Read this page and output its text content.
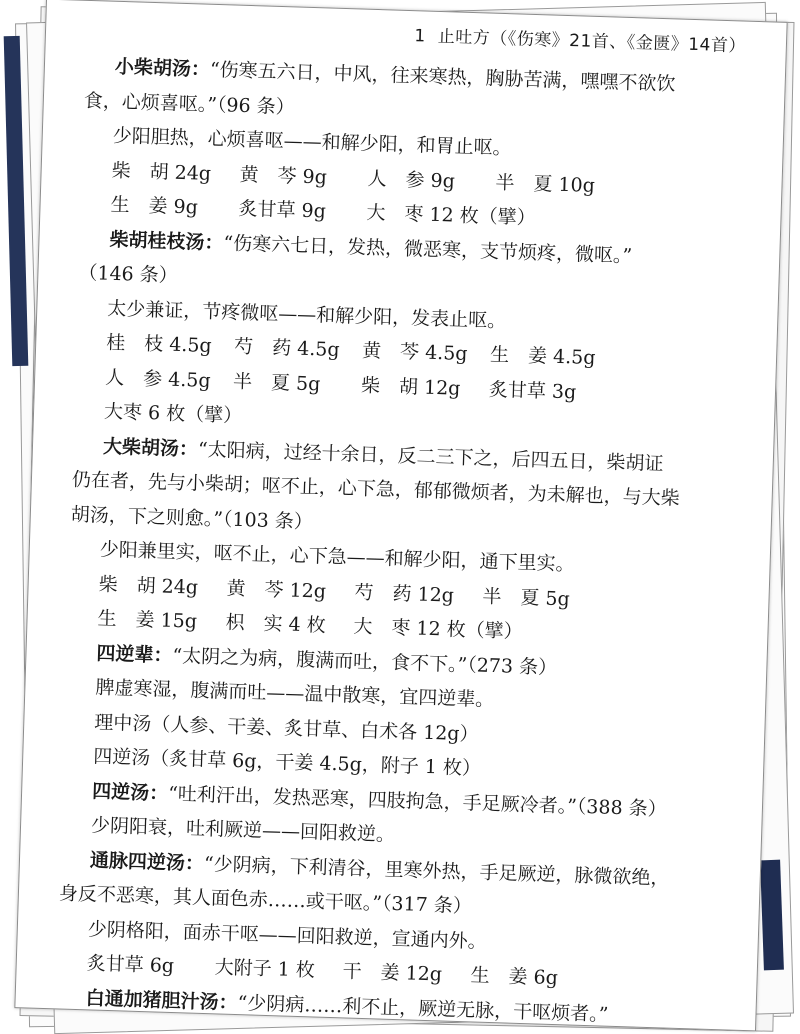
1 止吐方（《伤寒》21首、《金匮》14首）
小柴胡汤：“伤寒五六日，中风，往来寒热，胸胁苦满，嘿嘿不欲饮
食，心烦喜呕。”（96 条）
少阳胆热，心烦喜呕——和解少阳，和胃止呕。
柴　胡 24g	黄　芩 9g	人　参 9g	半　夏 10g
生　姜 9g	炙甘草 9g	大　枣 12 枚（擘）
柴胡桂枝汤：“伤寒六七日，发热，微恶寒，支节烦疼，微呕。”
（146 条）
太少兼证，节疼微呕——和解少阳，发表止呕。
桂　枝 4.5g	芍　药 4.5g	黄　芩 4.5g	生　姜 4.5g
人　参 4.5g	半　夏 5g	柴　胡 12g	炙甘草 3g
大枣 6 枚（擘）
大柴胡汤：“太阳病，过经十余日，反二三下之，后四五日，柴胡证
仍在者，先与小柴胡；呕不止，心下急，郁郁微烦者，为未解也，与大柴
胡汤，下之则愈。”（103 条）
少阳兼里实，呕不止，心下急——和解少阳，通下里实。
柴　胡 24g	黄　芩 12g	芍　药 12g	半　夏 5g
生　姜 15g	枳　实 4 枚	大　枣 12 枚（擘）
四逆辈：“太阴之为病，腹满而吐，食不下。”（273 条）
脾虚寒湿，腹满而吐——温中散寒，宜四逆辈。
理中汤（人参、干姜、炙甘草、白术各 12g）
四逆汤（炙甘草 6g，干姜 4.5g，附子 1 枚）
四逆汤：“吐利汗出，发热恶寒，四肢拘急，手足厥冷者。”（388 条）
少阴阳衰，吐利厥逆——回阳救逆。
通脉四逆汤：“少阴病，下利清谷，里寒外热，手足厥逆，脉微欲绝，
身反不恶寒，其人面色赤……或干呕。”（317 条）
少阴格阳，面赤干呕——回阳救逆，宣通内外。
炙甘草 6g	大附子 1 枚	干　姜 12g	生　姜 6g
白通加猪胆汁汤：“少阴病……利不止，厥逆无脉，干呕烦者。”
